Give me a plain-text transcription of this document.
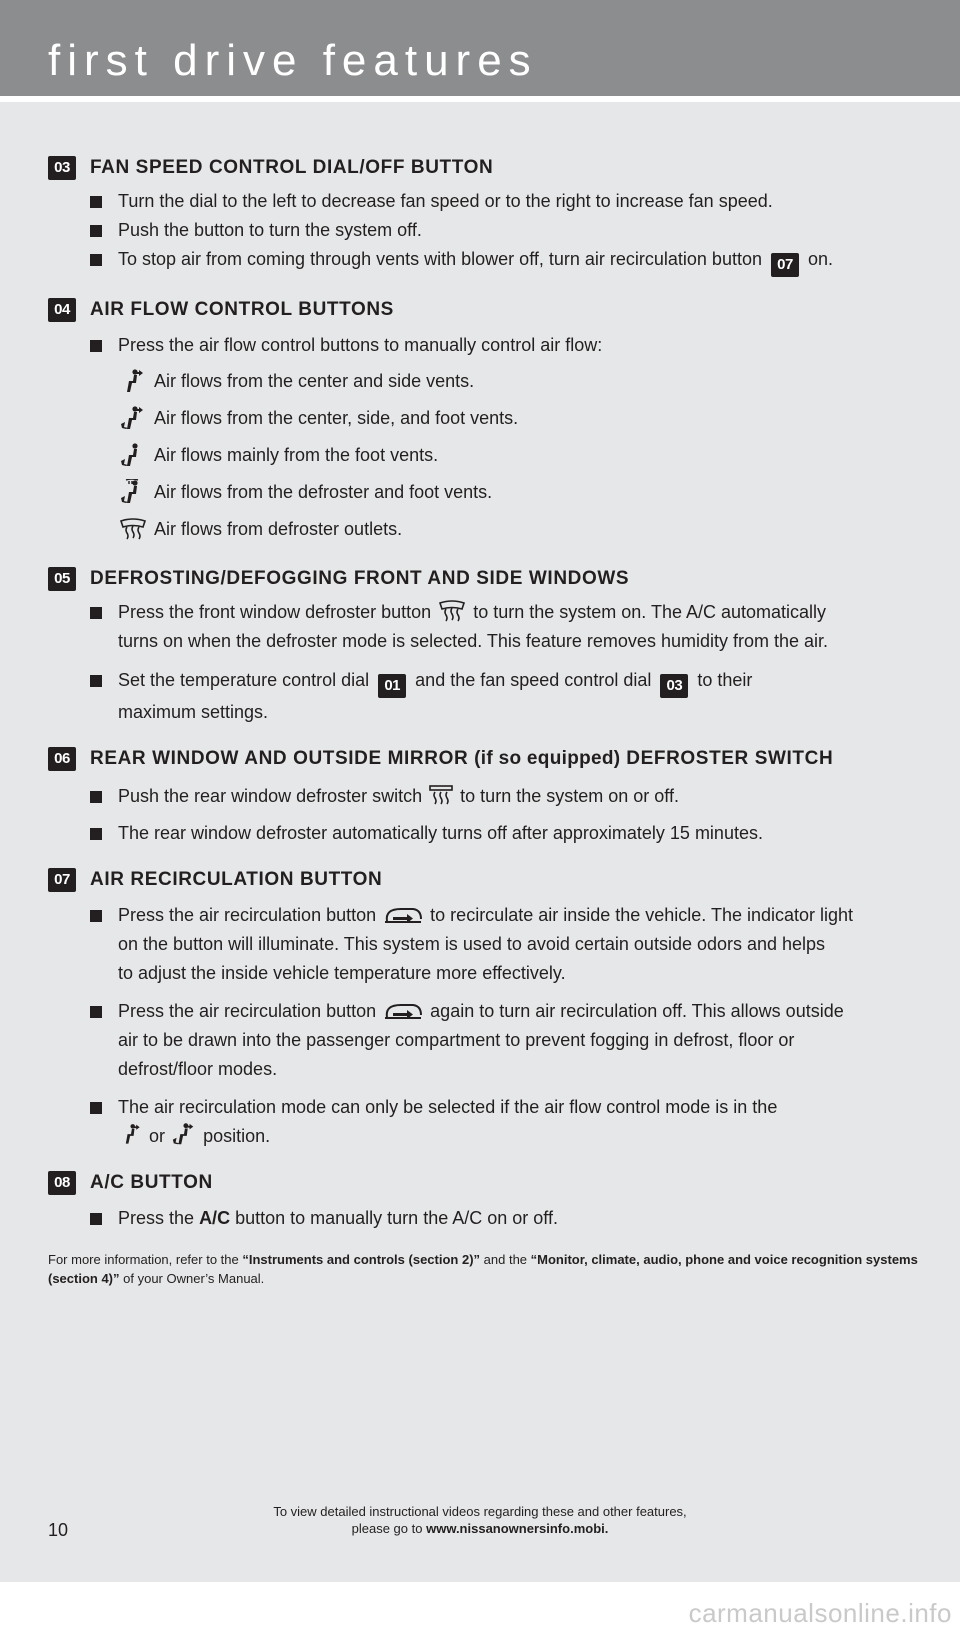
first drive features
03	FAN SPEED CONTROL DIAL/OFF BUTTON
Turn the dial to the left to decrease fan speed or to the right to increase fan speed.
Push the button to turn the system off.
To stop air from coming through vents with blower off, turn air recirculation button 07 on.
04	AIR FLOW CONTROL BUTTONS
Press the air flow control buttons to manually control air flow:
Air flows from the center and side vents.
Air flows from the center, side, and foot vents.
Air flows mainly from the foot vents.
Air flows from the defroster and foot vents.
Air flows from defroster outlets.
05	DEFROSTING/DEFOGGING FRONT AND SIDE WINDOWS
Press the front window defroster button to turn the system on. The A/C automatically
turns on when the defroster mode is selected. This feature removes humidity from the air.
Set the temperature control dial 01 and the fan speed control dial 03 to their
maximum settings.
06	REAR WINDOW AND OUTSIDE MIRROR (if so equipped) DEFROSTER SWITCH
Push the rear window defroster switch to turn the system on or off.
The rear window defroster automatically turns off after approximately 15 minutes.
07	AIR RECIRCULATION BUTTON
Press the air recirculation button	to recirculate air inside the vehicle. The indicator light
on the button will illuminate. This system is used to avoid certain outside odors and helps
to adjust the inside vehicle temperature more effectively.
Press the air recirculation button	again to turn air recirculation off. This allows outside
air to be drawn into the passenger compartment to prevent fogging in defrost, floor or
defrost/floor modes.
The air recirculation mode can only be selected if the air flow control mode is in the
or position.
08	A/C BUTTON
Press the A/C button to manually turn the A/C on or off.
For more information, refer to the “Instruments and controls (section 2)” and the “Monitor, climate, audio, phone and voice recognition systems (section 4)” of your Owner’s Manual.
To view detailed instructional videos regarding these and other features,
please go to www.nissanownersinfo.mobi.
10
carmanualsonline.info
